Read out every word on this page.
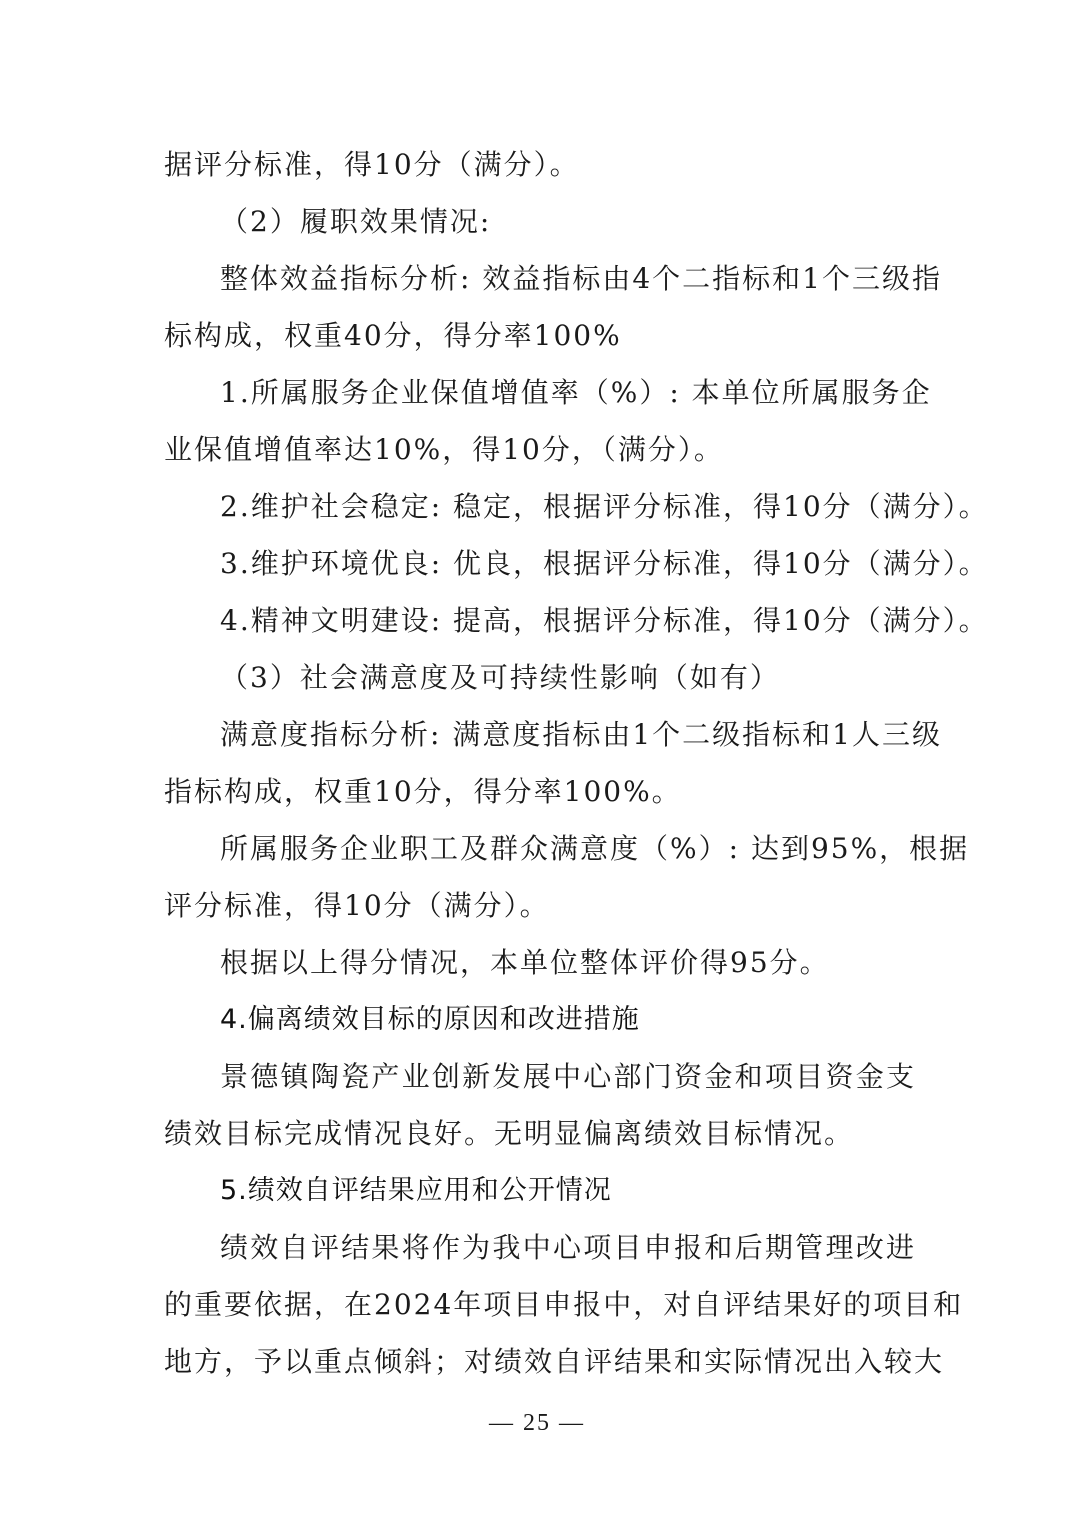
据评分标准，得10分（满分）。
（2）履职效果情况:
整体效益指标分析: 效益指标由4个二指标和1个三级指
标构成，权重40分，得分率100%
1.所属服务企业保值增值率（%）: 本单位所属服务企
业保值增值率达10%，得10分，（满分）。
2.维护社会稳定: 稳定，根据评分标准，得10分（满分）。
3.维护环境优良: 优良，根据评分标准，得10分（满分）。
4.精神文明建设: 提高，根据评分标准，得10分（满分）。
（3）社会满意度及可持续性影响（如有）
满意度指标分析: 满意度指标由1个二级指标和1人三级
指标构成，权重10分，得分率100%。
所属服务企业职工及群众满意度（%）: 达到95%，根据
评分标准，得10分（满分）。
根据以上得分情况，本单位整体评价得95分。
4.偏离绩效目标的原因和改进措施
景德镇陶瓷产业创新发展中心部门资金和项目资金支
绩效目标完成情况良好。无明显偏离绩效目标情况。
5.绩效自评结果应用和公开情况
绩效自评结果将作为我中心项目申报和后期管理改进
的重要依据，在2024年项目申报中，对自评结果好的项目和
地方，予以重点倾斜；对绩效自评结果和实际情况出入较大
— 25 —
